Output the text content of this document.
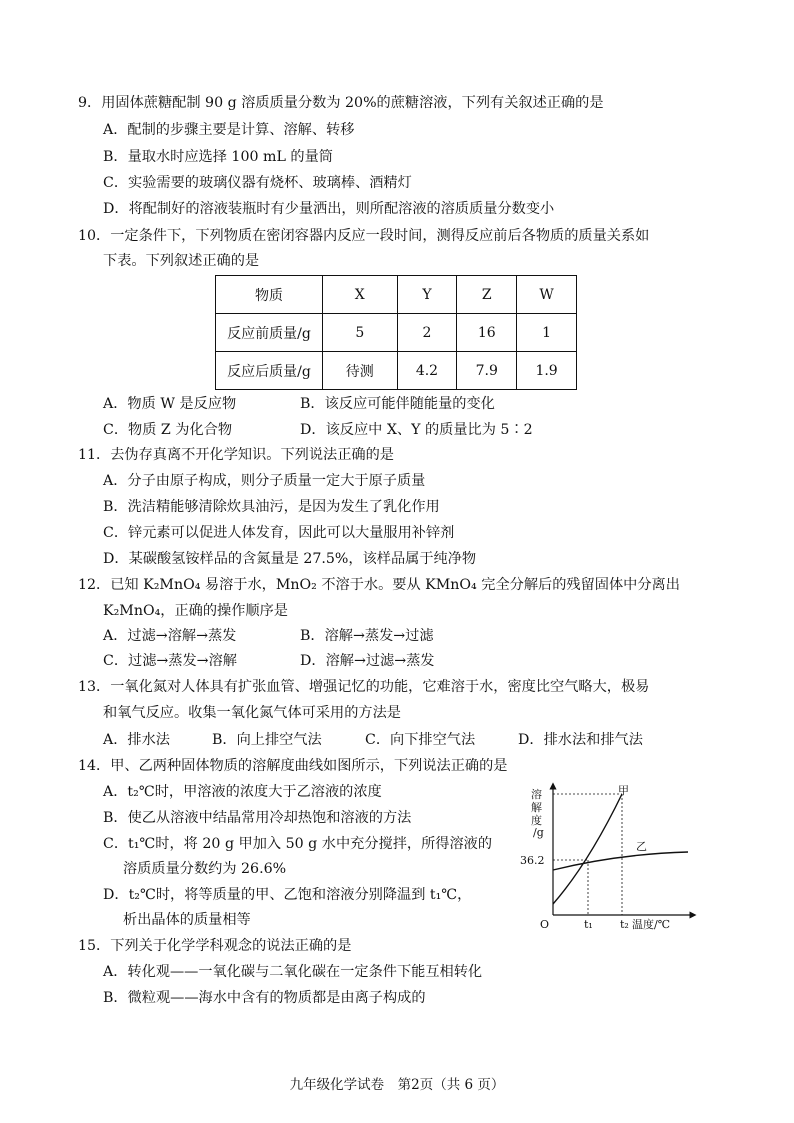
9．用固体蔗糖配制 90 g 溶质质量分数为 20%的蔗糖溶液，下列有关叙述正确的是
A．配制的步骤主要是计算、溶解、转移
B．量取水时应选择 100 mL 的量筒
C．实验需要的玻璃仪器有烧杯、玻璃棒、酒精灯
D．将配制好的溶液装瓶时有少量洒出，则所配溶液的溶质质量分数变小
10．一定条件下，下列物质在密闭容器内反应一段时间，测得反应前后各物质的质量关系如
下表。下列叙述正确的是
物质	X	Y	Z	W
反应前质量/g	5	2	16	1
反应后质量/g	待测	4.2	7.9	1.9
A．物质 W 是反应物	B．该反应可能伴随能量的变化
C．物质 Z 为化合物	D．该反应中 X、Y 的质量比为 5∶2
11．去伪存真离不开化学知识。下列说法正确的是
A．分子由原子构成，则分子质量一定大于原子质量
B．洗洁精能够清除炊具油污，是因为发生了乳化作用
C．锌元素可以促进人体发育，因此可以大量服用补锌剂
D．某碳酸氢铵样品的含氮量是 27.5%，该样品属于纯净物
12．已知 K₂MnO₄ 易溶于水，MnO₂ 不溶于水。要从 KMnO₄ 完全分解后的残留固体中分离出
K₂MnO₄，正确的操作顺序是
A．过滤→溶解→蒸发	B．溶解→蒸发→过滤
C．过滤→蒸发→溶解	D．溶解→过滤→蒸发
13．一氧化氮对人体具有扩张血管、增强记忆的功能，它难溶于水，密度比空气略大，极易
和氧气反应。收集一氧化氮气体可采用的方法是
A．排水法	B．向上排空气法	C．向下排空气法	D．排水法和排气法
14．甲、乙两种固体物质的溶解度曲线如图所示，下列说法正确的是
A．t₂℃时，甲溶液的浓度大于乙溶液的浓度
B．使乙从溶液中结晶常用冷却热饱和溶液的方法
C．t₁℃时，将 20 g 甲加入 50 g 水中充分搅拌，所得溶液的
溶质质量分数约为 26.6%
D．t₂℃时，将等质量的甲、乙饱和溶液分别降温到 t₁℃，
析出晶体的质量相等
溶解度/g
36.2
O	t₁ t₂ 温度/℃
甲
乙
15．下列关于化学学科观念的说法正确的是
A．转化观——一氧化碳与二氧化碳在一定条件下能互相转化
B．微粒观——海水中含有的物质都是由离子构成的
九年级化学试卷　第2页（共 6 页）
